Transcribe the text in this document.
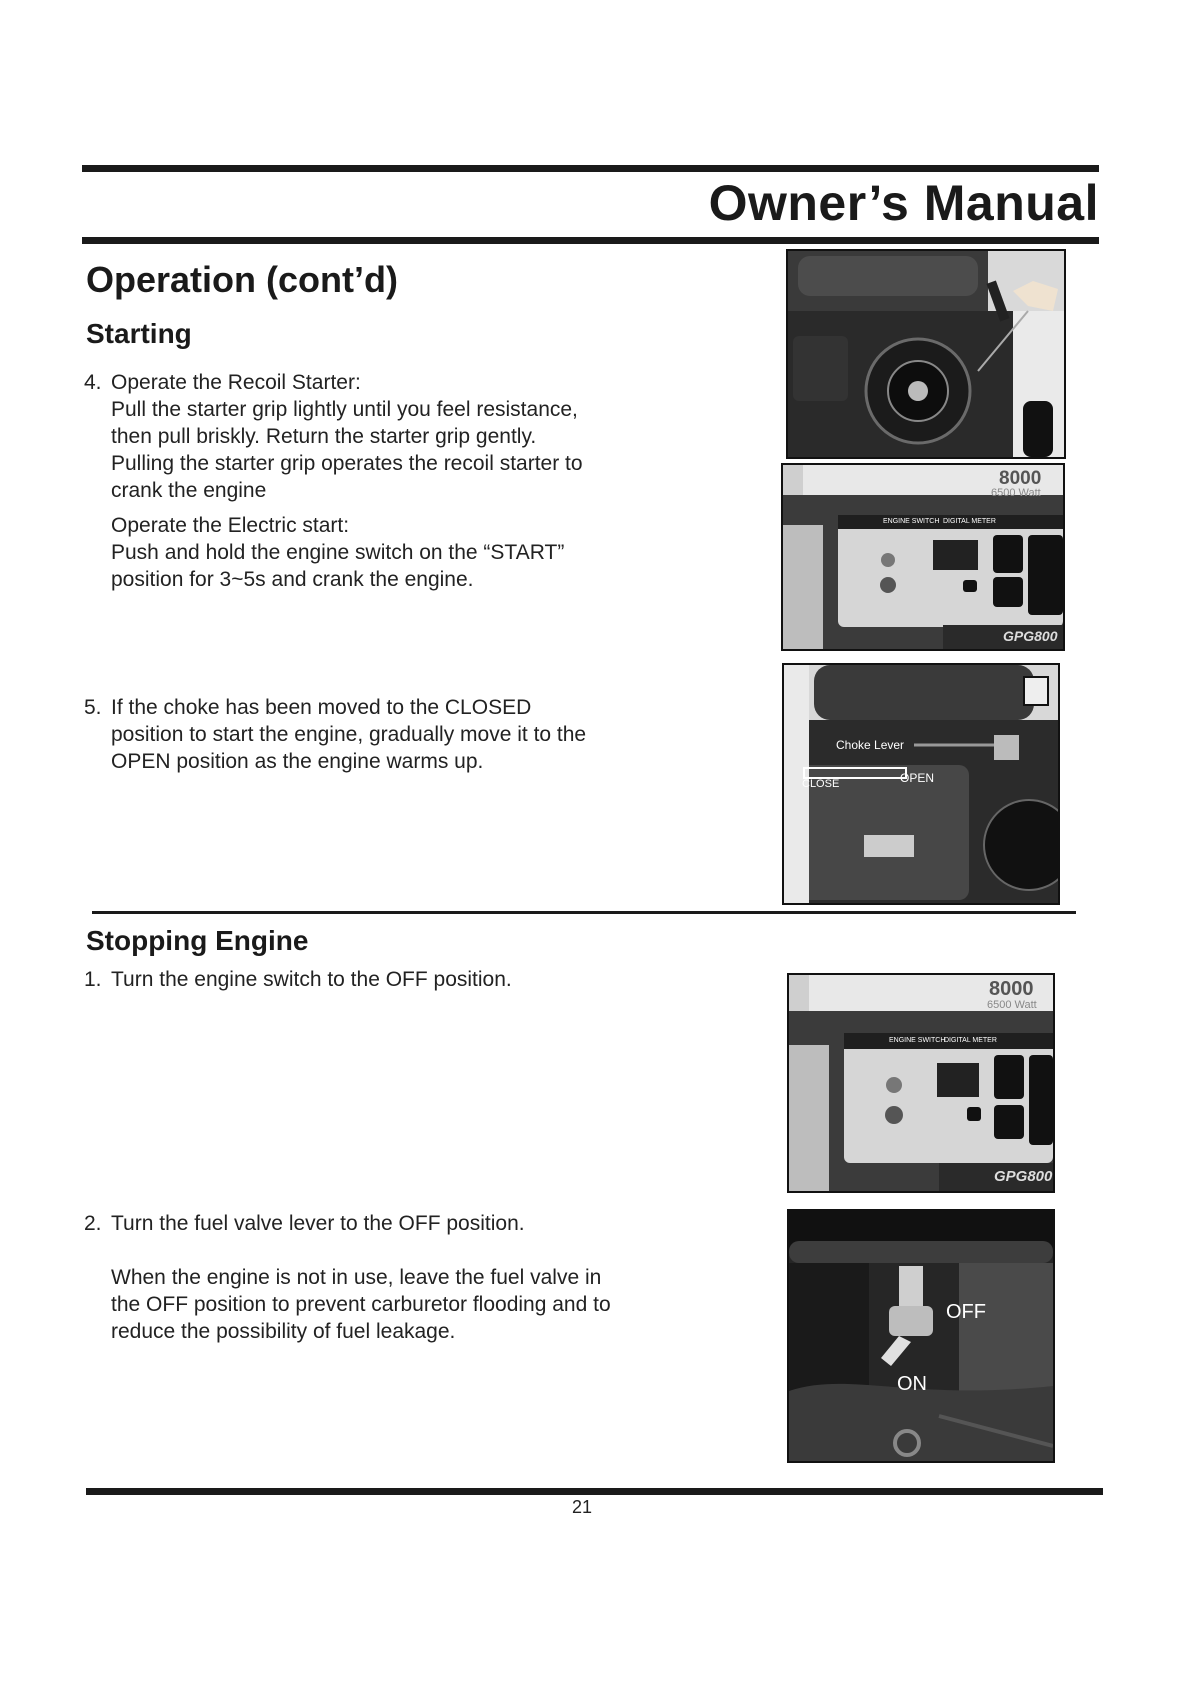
Owner’s Manual
Operation (cont’d)
Starting
4. Operate the Recoil Starter:

Pull the starter grip lightly until you feel resistance,

then pull briskly. Return the starter grip gently.

Pulling the starter grip operates the recoil starter to

crank the engine

Operate the Electric start:

Push and hold the engine switch on the “START”

position for 3~5s and crank the engine.

5. If the choke has been moved to the CLOSED

position to start the engine, gradually move it to the

OPEN position as the engine warms up.

Stopping Engine
1. Turn the engine switch to the OFF position.

2. Turn the fuel valve lever to the OFF position.

When the engine is not in use, leave the fuel valve in

the OFF position to prevent carburetor flooding and to

reduce the possibility of fuel leakage.

8000
6500 Watt
ENGINE SWITCH DIGITAL METER
GPG800
Choke Lever
CLOSE	OPEN
8000
6500 Watt
ENGINE SWITCH
DIGITAL METER
GPG800
OFF
ON
21
